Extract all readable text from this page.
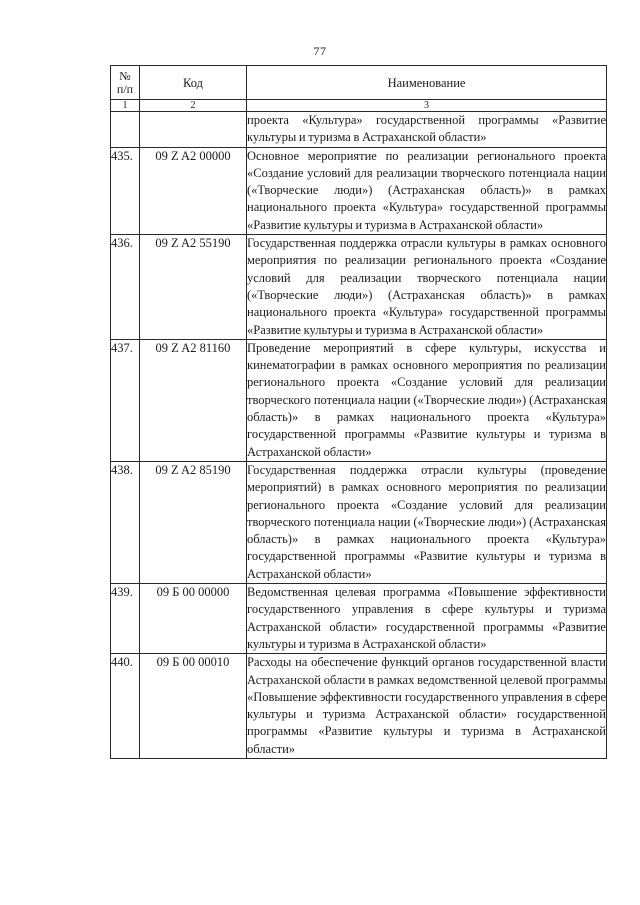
77
№
п/п	Код	Наименование
1	2	3
		проекта «Культура» государственной программы «Развитие культуры и туризма в Астраханской области»
435.	09 Z A2 00000	Основное мероприятие по реализации регионального проекта «Создание условий для реализации творческого потенциала нации («Творческие люди») (Астраханская область)» в рамках национального проекта «Культура» государственной программы «Развитие культуры и туризма в Астраханской области»
436.	09 Z A2 55190	Государственная поддержка отрасли культуры в рамках основного мероприятия по реализации регионального проекта «Создание условий для реализации творческого потенциала нации («Творческие люди») (Астраханская область)» в рамках национального проекта «Культура» государственной программы «Развитие культуры и туризма в Астраханской области»
437.	09 Z A2 81160	Проведение мероприятий в сфере культуры, искусства и кинематографии в рамках основного мероприятия по реализации регионального проекта «Создание условий для реализации творческого потенциала нации («Творческие люди») (Астраханская область)» в рамках национального проекта «Культура» государственной программы «Развитие культуры и туризма в Астраханской области»
438.	09 Z A2 85190	Государственная поддержка отрасли культуры (проведение мероприятий) в рамках основного мероприятия по реализации регионального проекта «Создание условий для реализации творческого потенциала нации («Творческие люди») (Астраханская область)» в рамках национального проекта «Культура» государственной программы «Развитие культуры и туризма в Астраханской области»
439.	09 Б 00 00000	Ведомственная целевая программа «Повышение эффективности государственного управления в сфере культуры и туризма Астраханской области» государственной программы «Развитие культуры и туризма в Астраханской области»
440.	09 Б 00 00010	Расходы на обеспечение функций органов государственной власти Астраханской области в рамках ведомственной целевой программы «Повышение эффективности государственного управления в сфере культуры и туризма Астраханской области» государственной программы «Развитие культуры и туризма в Астраханской области»
